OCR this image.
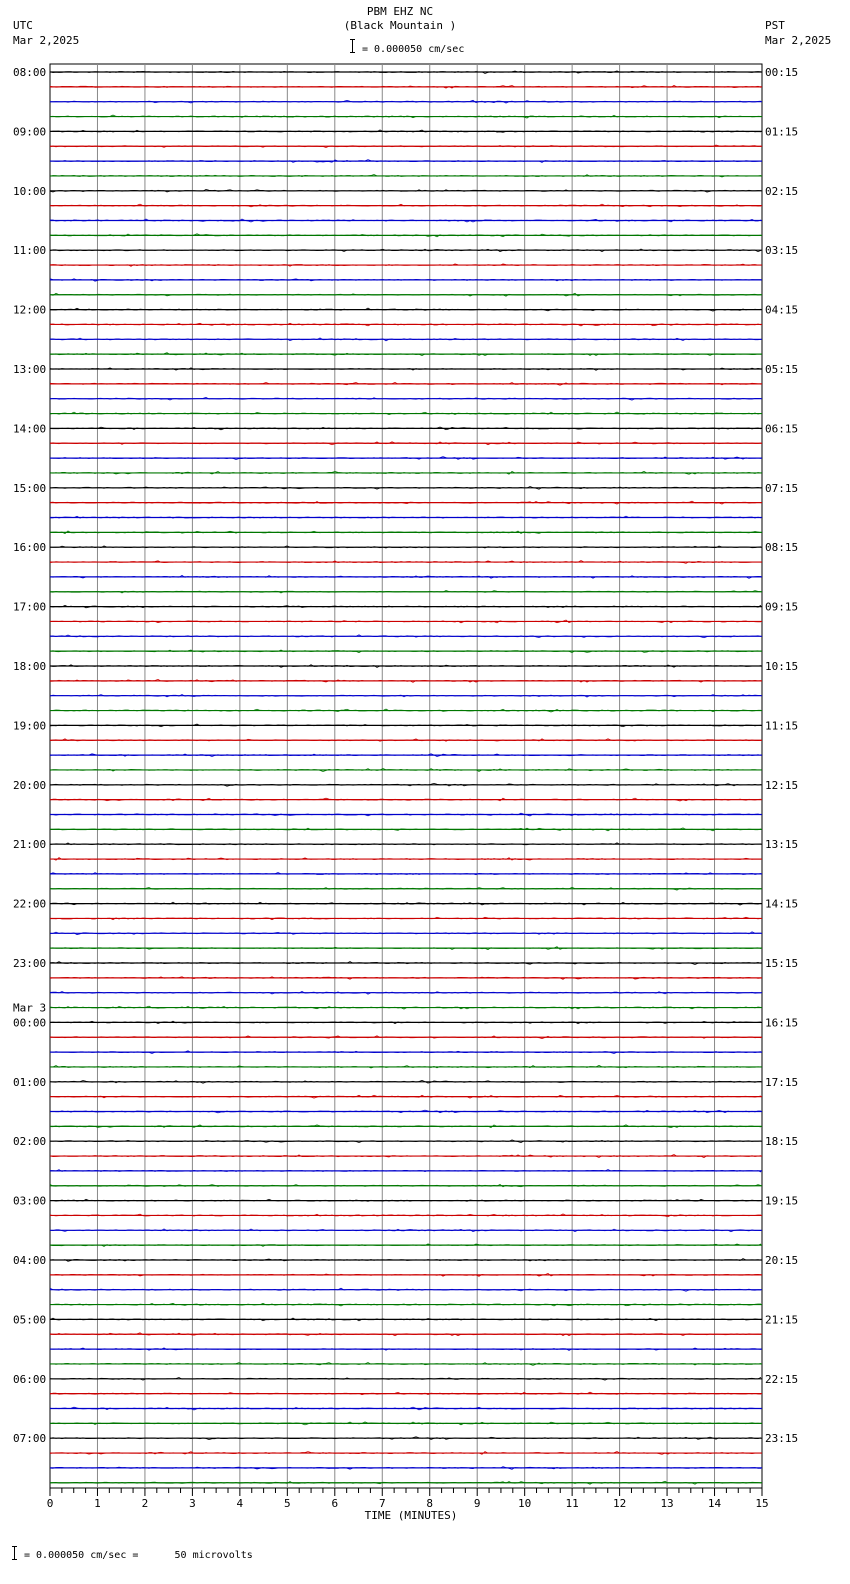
PBM EHZ NC
(Black Mountain )
= 0.000050 cm/sec
UTC
Mar 2,2025
PST
Mar 2,2025
08:00
09:00
10:00
11:00
12:00
13:00
14:00
15:00
16:00
17:00
18:00
19:00
20:00
21:00
22:00
23:00
00:00
01:00
02:00
03:00
04:00
05:00
06:00
07:00
00:15
01:15
02:15
03:15
04:15
05:15
06:15
07:15
08:15
09:15
10:15
11:15
12:15
13:15
14:15
15:15
16:15
17:15
18:15
19:15
20:15
21:15
22:15
23:15
Mar 3
0	1	2	3	4	5	6	7	8	9	10	11	12	13	14	15
TIME (MINUTES)
= 0.000050 cm/sec =      50 microvolts
